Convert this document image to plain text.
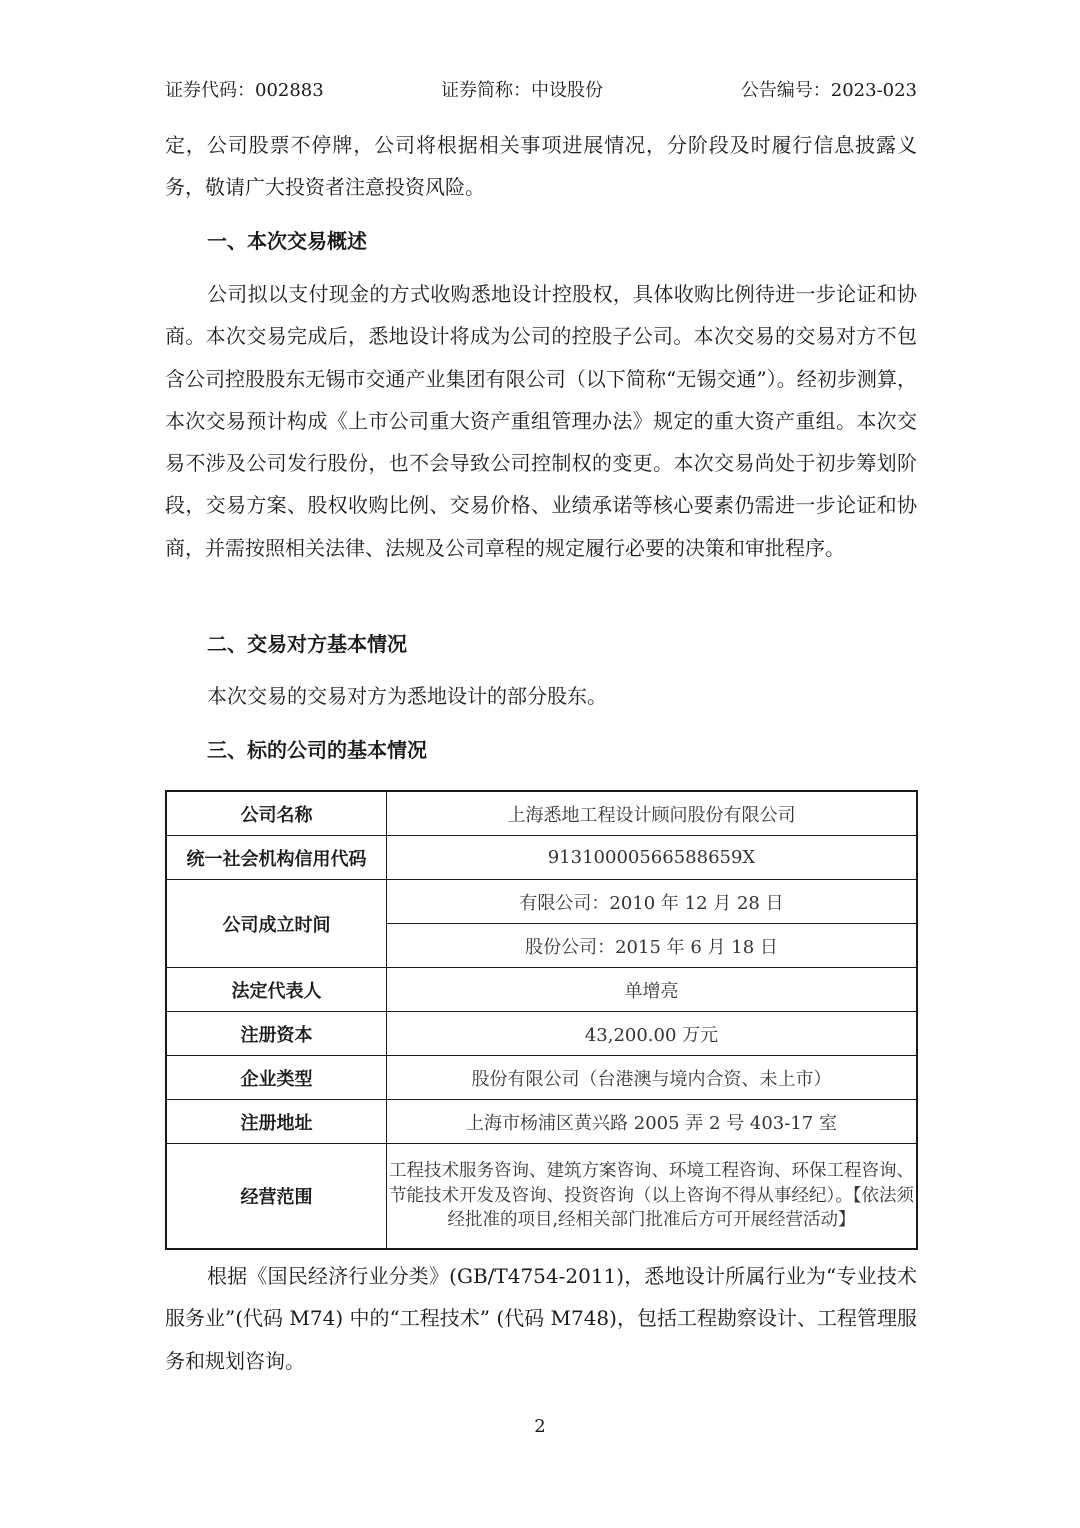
证券代码：002883	证券简称：中设股份	公告编号：2023-023

定，公司股票不停牌，公司将根据相关事项进展情况，分阶段及时履行信息披露义务，敬请广大投资者注意投资风险。

一、本次交易概述

公司拟以支付现金的方式收购悉地设计控股权，具体收购比例待进一步论证和协商。本次交易完成后，悉地设计将成为公司的控股子公司。本次交易的交易对方不包含公司控股股东无锡市交通产业集团有限公司（以下简称“无锡交通”）。经初步测算，本次交易预计构成《上市公司重大资产重组管理办法》规定的重大资产重组。本次交易不涉及公司发行股份，也不会导致公司控制权的变更。本次交易尚处于初步筹划阶段，交易方案、股权收购比例、交易价格、业绩承诺等核心要素仍需进一步论证和协商，并需按照相关法律、法规及公司章程的规定履行必要的决策和审批程序。

二、交易对方基本情况

本次交易的交易对方为悉地设计的部分股东。

三、标的公司的基本情况

公司名称	上海悉地工程设计顾问股份有限公司
统一社会机构信用代码	91310000566588659X
公司成立时间	有限公司：2010 年 12 月 28 日
	股份公司：2015 年 6 月 18 日
法定代表人	单增亮
注册资本	43,200.00 万元
企业类型	股份有限公司（台港澳与境内合资、未上市）
注册地址	上海市杨浦区黄兴路 2005 弄 2 号 403-17 室
经营范围	工程技术服务咨询、建筑方案咨询、环境工程咨询、环保工程咨询、节能技术开发及咨询、投资咨询（以上咨询不得从事经纪）。【依法须经批准的项目,经相关部门批准后方可开展经营活动】

根据《国民经济行业分类》(GB/T4754-2011)，悉地设计所属行业为“专业技术服务业”(代码 M74) 中的“工程技术” (代码 M748)，包括工程勘察设计、工程管理服务和规划咨询。

2
